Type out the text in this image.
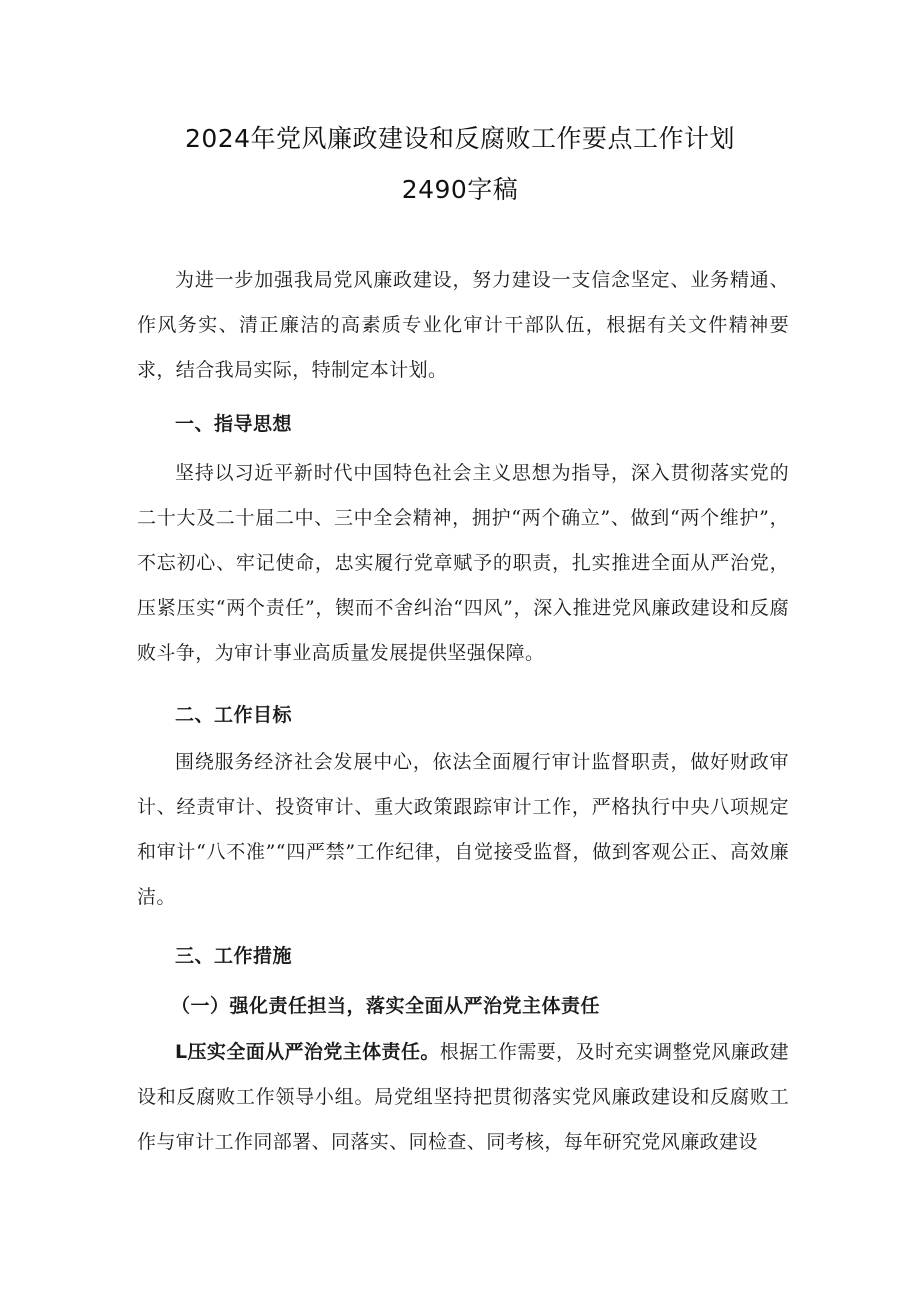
2024年党风廉政建设和反腐败工作要点工作计划
2490字稿

为进一步加强我局党风廉政建设，努力建设一支信念坚定、业务精通、作风务实、清正廉洁的高素质专业化审计干部队伍，根据有关文件精神要求，结合我局实际，特制定本计划。

一、指导思想

坚持以习近平新时代中国特色社会主义思想为指导，深入贯彻落实党的二十大及二十届二中、三中全会精神，拥护“两个确立”、做到“两个维护”，不忘初心、牢记使命，忠实履行党章赋予的职责，扎实推进全面从严治党，压紧压实“两个责任”，锲而不舍纠治“四风”，深入推进党风廉政建设和反腐败斗争，为审计事业高质量发展提供坚强保障。

二、工作目标

围绕服务经济社会发展中心，依法全面履行审计监督职责，做好财政审计、经责审计、投资审计、重大政策跟踪审计工作，严格执行中央八项规定和审计“八不准”“四严禁”工作纪律，自觉接受监督，做到客观公正、高效廉洁。

三、工作措施

（一）强化责任担当，落实全面从严治党主体责任

L压实全面从严治党主体责任。根据工作需要，及时充实调整党风廉政建设和反腐败工作领导小组。局党组坚持把贯彻落实党风廉政建设和反腐败工作与审计工作同部署、同落实、同检查、同考核，每年研究党风廉政建设
